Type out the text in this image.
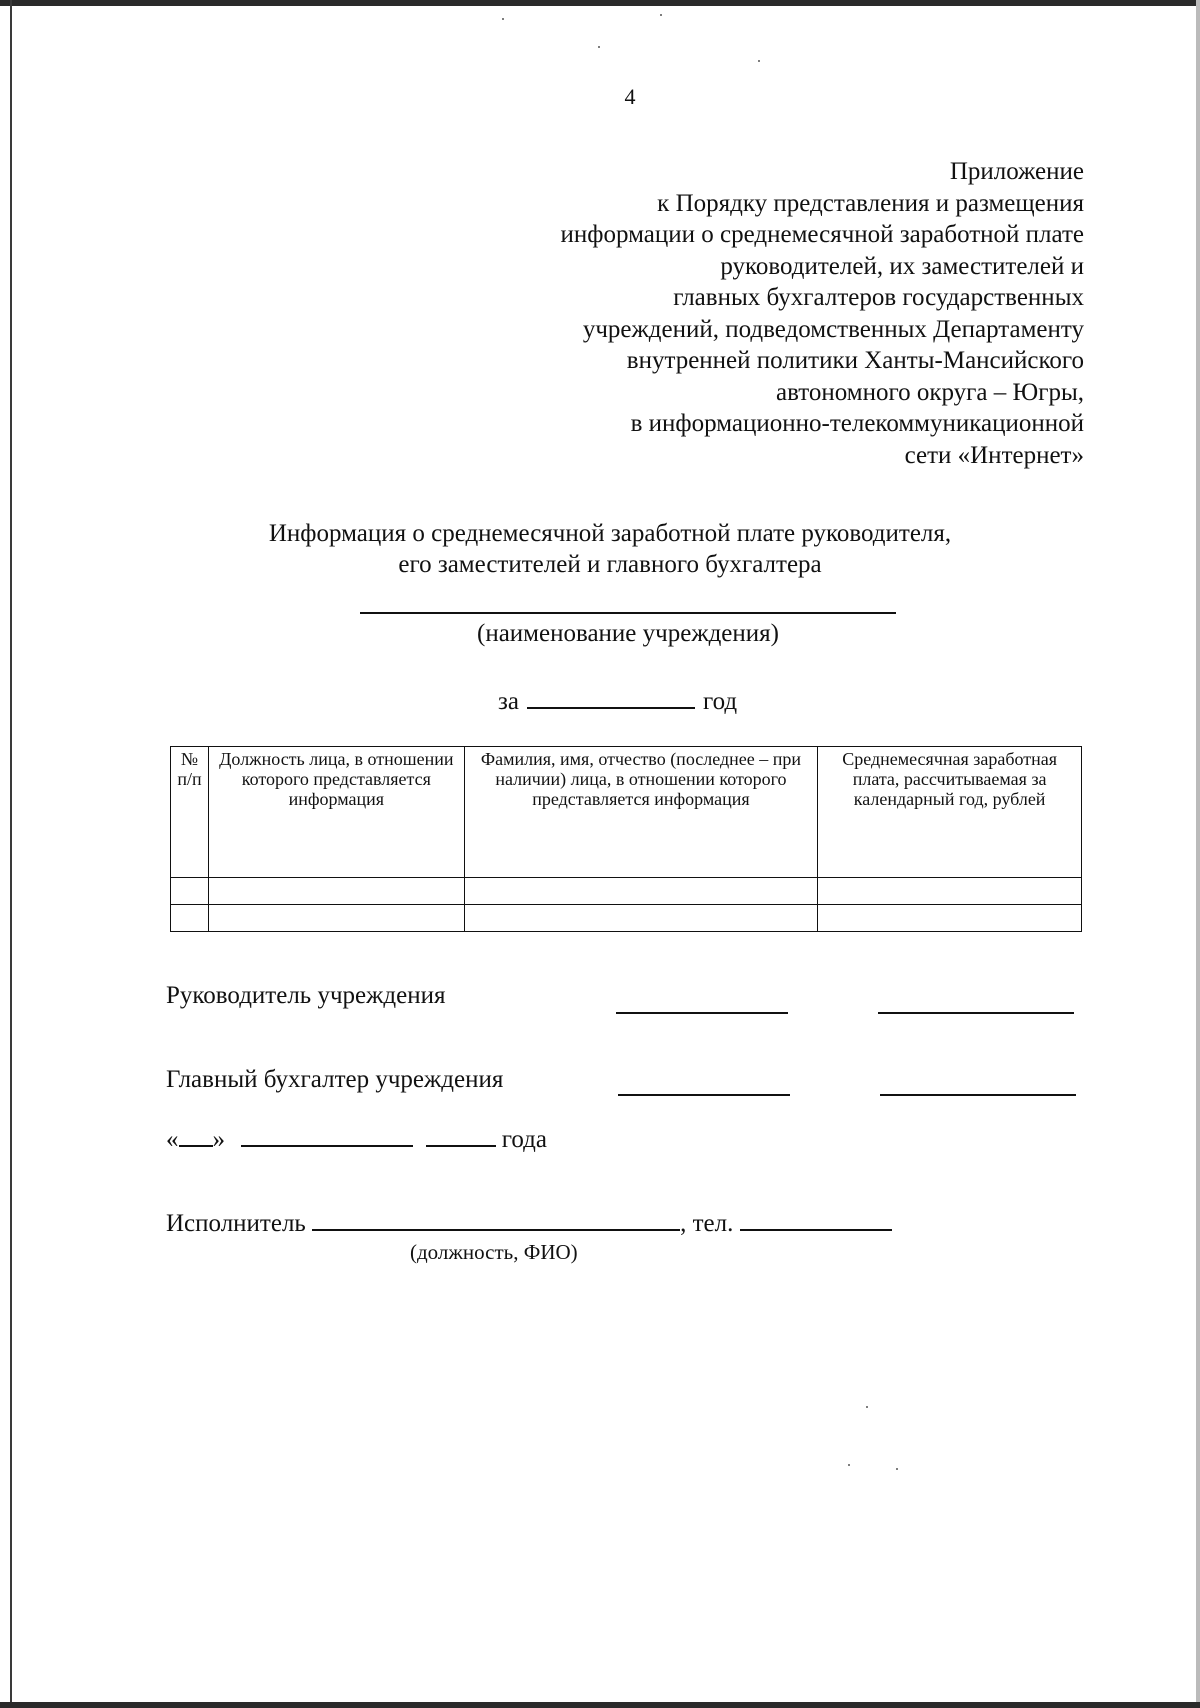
4
Приложение
к Порядку представления и размещения
информации о среднемесячной заработной плате
руководителей, их заместителей и
главных бухгалтеров государственных
учреждений, подведомственных Департаменту
внутренней политики Ханты-Мансийского
автономного округа – Югры,
в информационно-телекоммуникационной
сети «Интернет»
Информация о среднемесячной заработной плате руководителя,
его заместителей и главного бухгалтера
(наименование учреждения)
за	год
№ п/п	Должность лица, в отношении которого представляется информация	Фамилия, имя, отчество (последнее – при наличии) лица, в отношении которого представляется информация	Среднемесячная заработная плата, рассчитываемая за календарный год, рублей

Руководитель учреждения
Главный бухгалтер учреждения
« »	года
Исполнитель	, тел.
(должность, ФИО)
